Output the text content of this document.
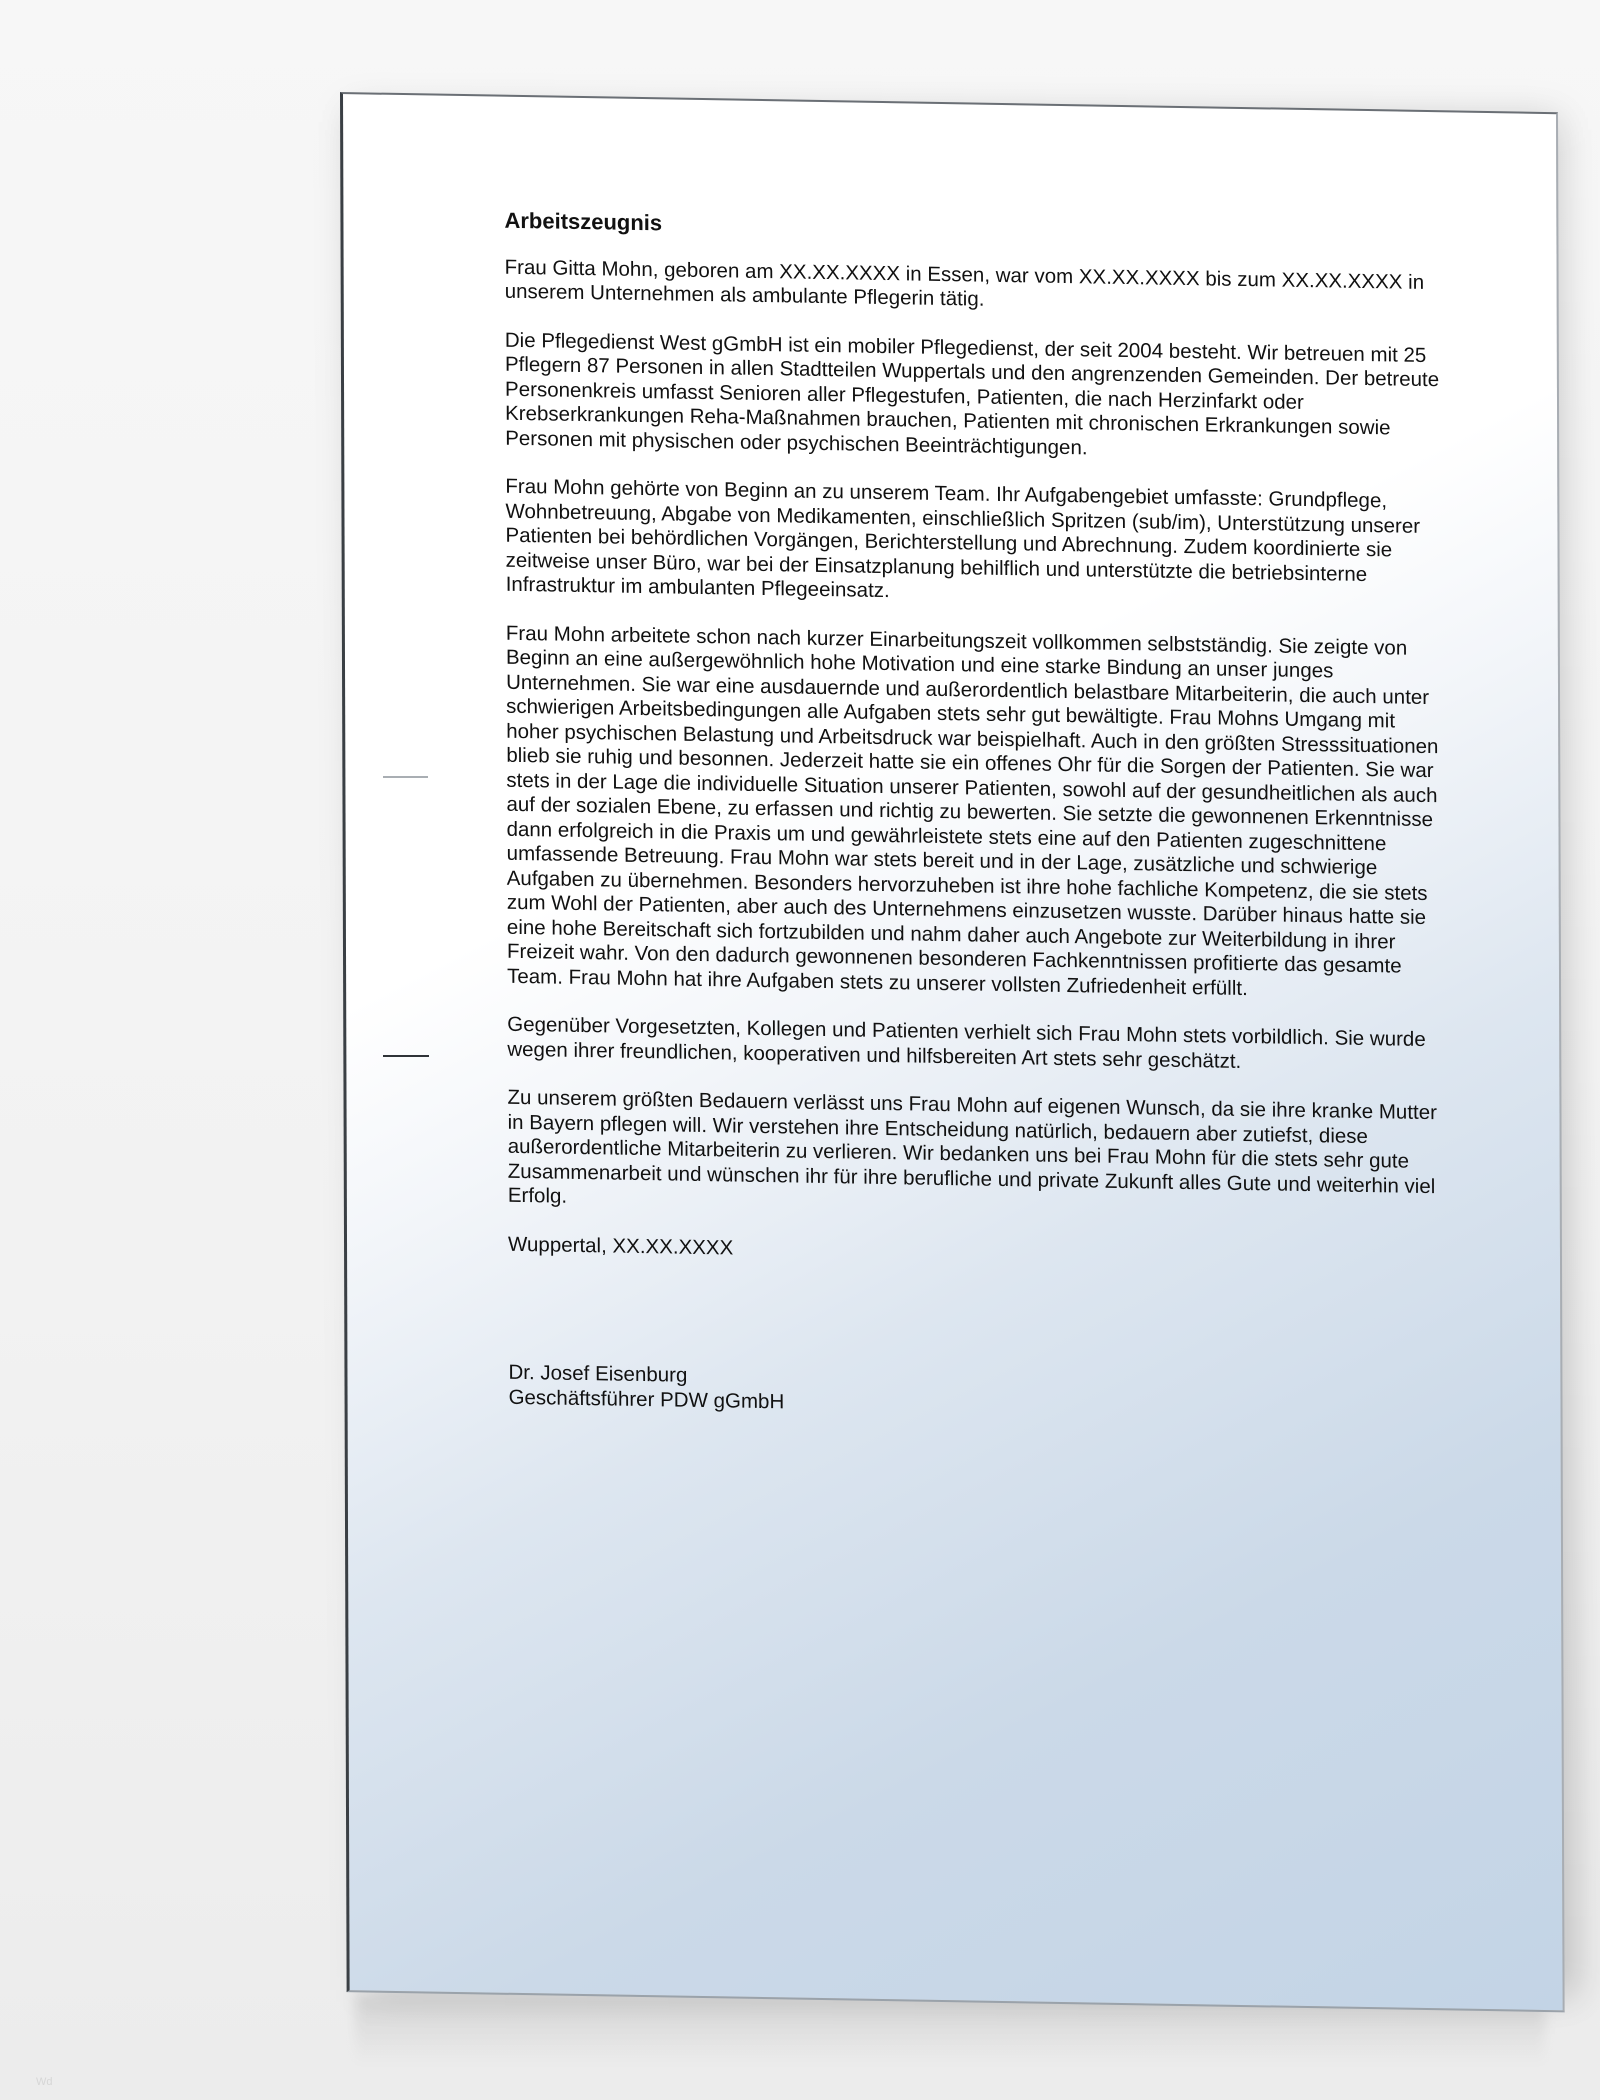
Arbeitszeugnis

Frau Gitta Mohn, geboren am XX.XX.XXXX in Essen, war vom XX.XX.XXXX bis zum XX.XX.XXXX in unserem Unternehmen als ambulante Pflegerin tätig.

Die Pflegedienst West gGmbH ist ein mobiler Pflegedienst, der seit 2004 besteht. Wir betreuen mit 25 Pflegern 87 Personen in allen Stadtteilen Wuppertals und den angrenzenden Gemeinden. Der betreute Personenkreis umfasst Senioren aller Pflegestufen, Patienten, die nach Herzinfarkt oder Krebserkrankungen Reha-Maßnahmen brauchen, Patienten mit chronischen Erkrankungen sowie Personen mit physischen oder psychischen Beeinträchtigungen.

Frau Mohn gehörte von Beginn an zu unserem Team. Ihr Aufgabengebiet umfasste: Grundpflege, Wohnbetreuung, Abgabe von Medikamenten, einschließlich Spritzen (sub/im), Unterstützung unserer Patienten bei behördlichen Vorgängen, Berichterstellung und Abrechnung. Zudem koordinierte sie zeitweise unser Büro, war bei der Einsatzplanung behilflich und unterstützte die betriebsinterne Infrastruktur im ambulanten Pflegeeinsatz.

Frau Mohn arbeitete schon nach kurzer Einarbeitungszeit vollkommen selbstständig. Sie zeigte von Beginn an eine außergewöhnlich hohe Motivation und eine starke Bindung an unser junges Unternehmen. Sie war eine ausdauernde und außerordentlich belastbare Mitarbeiterin, die auch unter schwierigen Arbeitsbedingungen alle Aufgaben stets sehr gut bewältigte. Frau Mohns Umgang mit hoher psychischen Belastung und Arbeitsdruck war beispielhaft. Auch in den größten Stresssituationen blieb sie ruhig und besonnen. Jederzeit hatte sie ein offenes Ohr für die Sorgen der Patienten. Sie war stets in der Lage die individuelle Situation unserer Patienten, sowohl auf der gesundheitlichen als auch auf der sozialen Ebene, zu erfassen und richtig zu bewerten. Sie setzte die gewonnenen Erkenntnisse dann erfolgreich in die Praxis um und gewährleistete stets eine auf den Patienten zugeschnittene umfassende Betreuung. Frau Mohn war stets bereit und in der Lage, zusätzliche und schwierige Aufgaben zu übernehmen. Besonders hervorzuheben ist ihre hohe fachliche Kompetenz, die sie stets zum Wohl der Patienten, aber auch des Unternehmens einzusetzen wusste. Darüber hinaus hatte sie eine hohe Bereitschaft sich fortzubilden und nahm daher auch Angebote zur Weiterbildung in ihrer Freizeit wahr. Von den dadurch gewonnenen besonderen Fachkenntnissen profitierte das gesamte Team. Frau Mohn hat ihre Aufgaben stets zu unserer vollsten Zufriedenheit erfüllt.

Gegenüber Vorgesetzten, Kollegen und Patienten verhielt sich Frau Mohn stets vorbildlich. Sie wurde wegen ihrer freundlichen, kooperativen und hilfsbereiten Art stets sehr geschätzt.

Zu unserem größten Bedauern verlässt uns Frau Mohn auf eigenen Wunsch, da sie ihre kranke Mutter in Bayern pflegen will. Wir verstehen ihre Entscheidung natürlich, bedauern aber zutiefst, diese außerordentliche Mitarbeiterin zu verlieren. Wir bedanken uns bei Frau Mohn für die stets sehr gute Zusammenarbeit und wünschen ihr für ihre berufliche und private Zukunft alles Gute und weiterhin viel Erfolg.

Wuppertal, XX.XX.XXXX

Dr. Josef Eisenburg
Geschäftsführer PDW gGmbH
Wd
